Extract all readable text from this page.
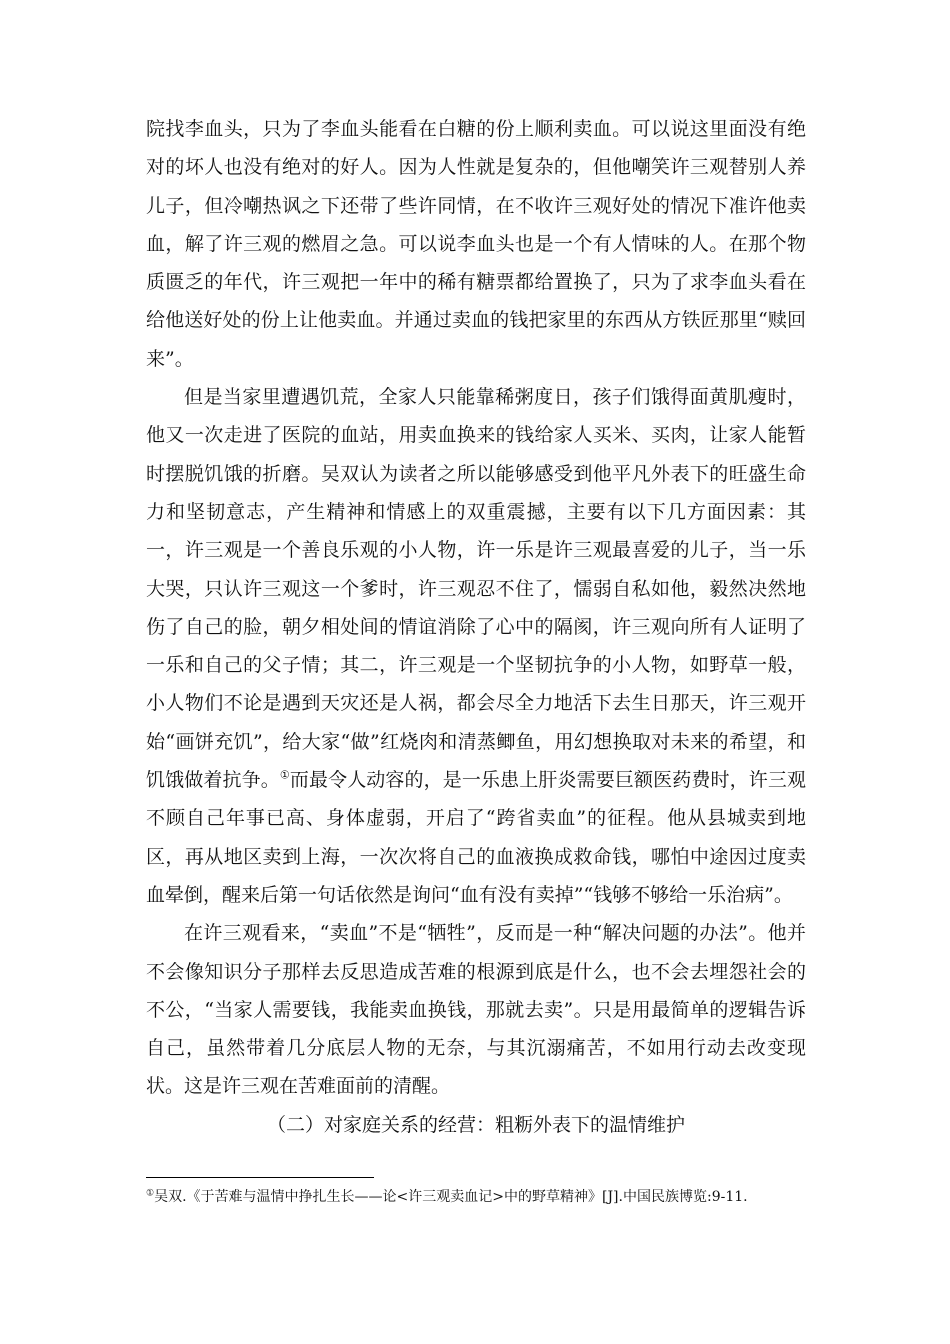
院找李血头，只为了李血头能看在白糖的份上顺利卖血。可以说这里面没有绝对的坏人也没有绝对的好人。因为人性就是复杂的，但他嘲笑许三观替别人养儿子，但冷嘲热讽之下还带了些许同情，在不收许三观好处的情况下准许他卖血，解了许三观的燃眉之急。可以说李血头也是一个有人情味的人。在那个物质匮乏的年代，许三观把一年中的稀有糖票都给置换了，只为了求李血头看在给他送好处的份上让他卖血。并通过卖血的钱把家里的东西从方铁匠那里“赎回来”。

但是当家里遭遇饥荒，全家人只能靠稀粥度日，孩子们饿得面黄肌瘦时，他又一次走进了医院的血站，用卖血换来的钱给家人买米、买肉，让家人能暂时摆脱饥饿的折磨。吴双认为读者之所以能够感受到他平凡外表下的旺盛生命力和坚韧意志，产生精神和情感上的双重震撼，主要有以下几方面因素：其一，许三观是一个善良乐观的小人物，许一乐是许三观最喜爱的儿子，当一乐大哭，只认许三观这一个爹时，许三观忍不住了，懦弱自私如他，毅然决然地伤了自己的脸，朝夕相处间的情谊消除了心中的隔阂，许三观向所有人证明了一乐和自己的父子情；其二，许三观是一个坚韧抗争的小人物，如野草一般，小人物们不论是遇到天灾还是人祸，都会尽全力地活下去生日那天，许三观开始“画饼充饥”，给大家“做”红烧肉和清蒸鲫鱼，用幻想换取对未来的希望，和饥饿做着抗争。①而最令人动容的，是一乐患上肝炎需要巨额医药费时，许三观不顾自己年事已高、身体虚弱，开启了“跨省卖血”的征程。他从县城卖到地区，再从地区卖到上海，一次次将自己的血液换成救命钱，哪怕中途因过度卖血晕倒，醒来后第一句话依然是询问“血有没有卖掉”“钱够不够给一乐治病”。

在许三观看来，“卖血”不是“牺牲”，反而是一种“解决问题的办法”。他并不会像知识分子那样去反思造成苦难的根源到底是什么，也不会去埋怨社会的不公，“当家人需要钱，我能卖血换钱，那就去卖”。只是用最简单的逻辑告诉自己，虽然带着几分底层人物的无奈，与其沉溺痛苦，不如用行动去改变现状。这是许三观在苦难面前的清醒。

（二）对家庭关系的经营：粗粝外表下的温情维护

①吴双.《于苦难与温情中挣扎生长——论<许三观卖血记>中的野草精神》[J].中国民族博览:9-11.
